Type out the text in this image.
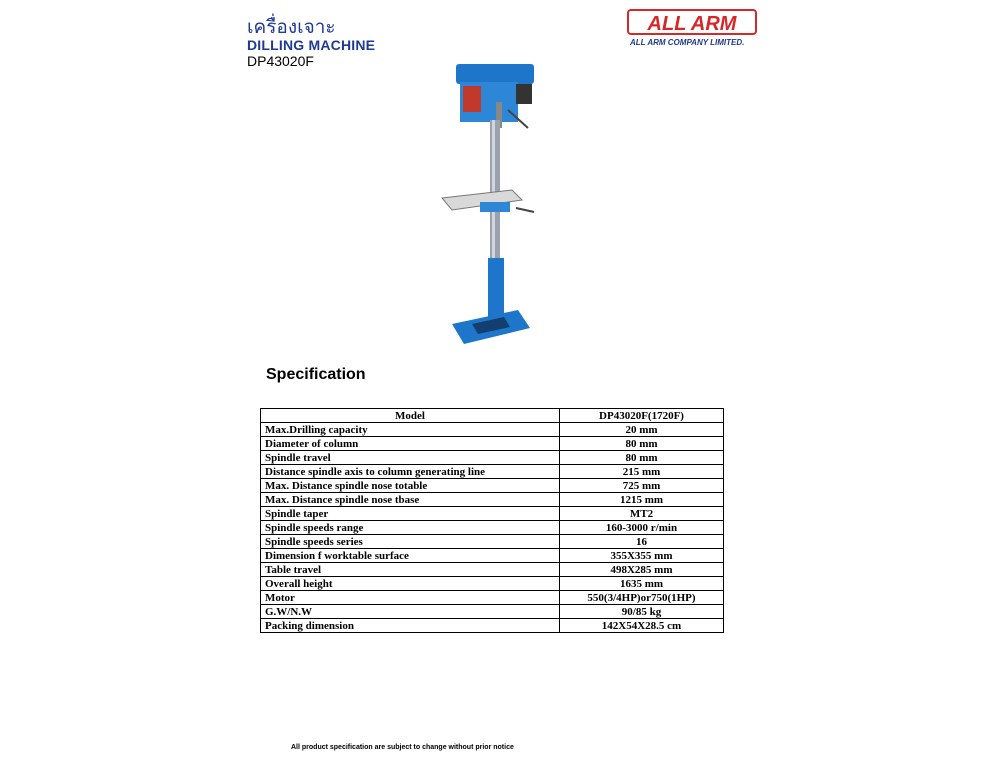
เครื่องเจาะ
DILLING MACHINE
DP43020F
ALL ARM
ALL ARM COMPANY LIMITED.
Specification
Model	DP43020F(1720F)
Max.Drilling capacity	20 mm
Diameter of column	80 mm
Spindle travel	80 mm
Distance spindle axis to column generating line	215 mm
Max. Distance spindle nose totable	725 mm
Max. Distance spindle nose tbase	1215 mm
Spindle taper	MT2
Spindle speeds range	160-3000 r/min
Spindle speeds series	16
Dimension f worktable surface	355X355 mm
Table travel	498X285 mm
Overall height	1635 mm
Motor	550(3/4HP)or750(1HP)
G.W/N.W	90/85 kg
Packing dimension	142X54X28.5 cm
All product specification are subject to change without prior notice
